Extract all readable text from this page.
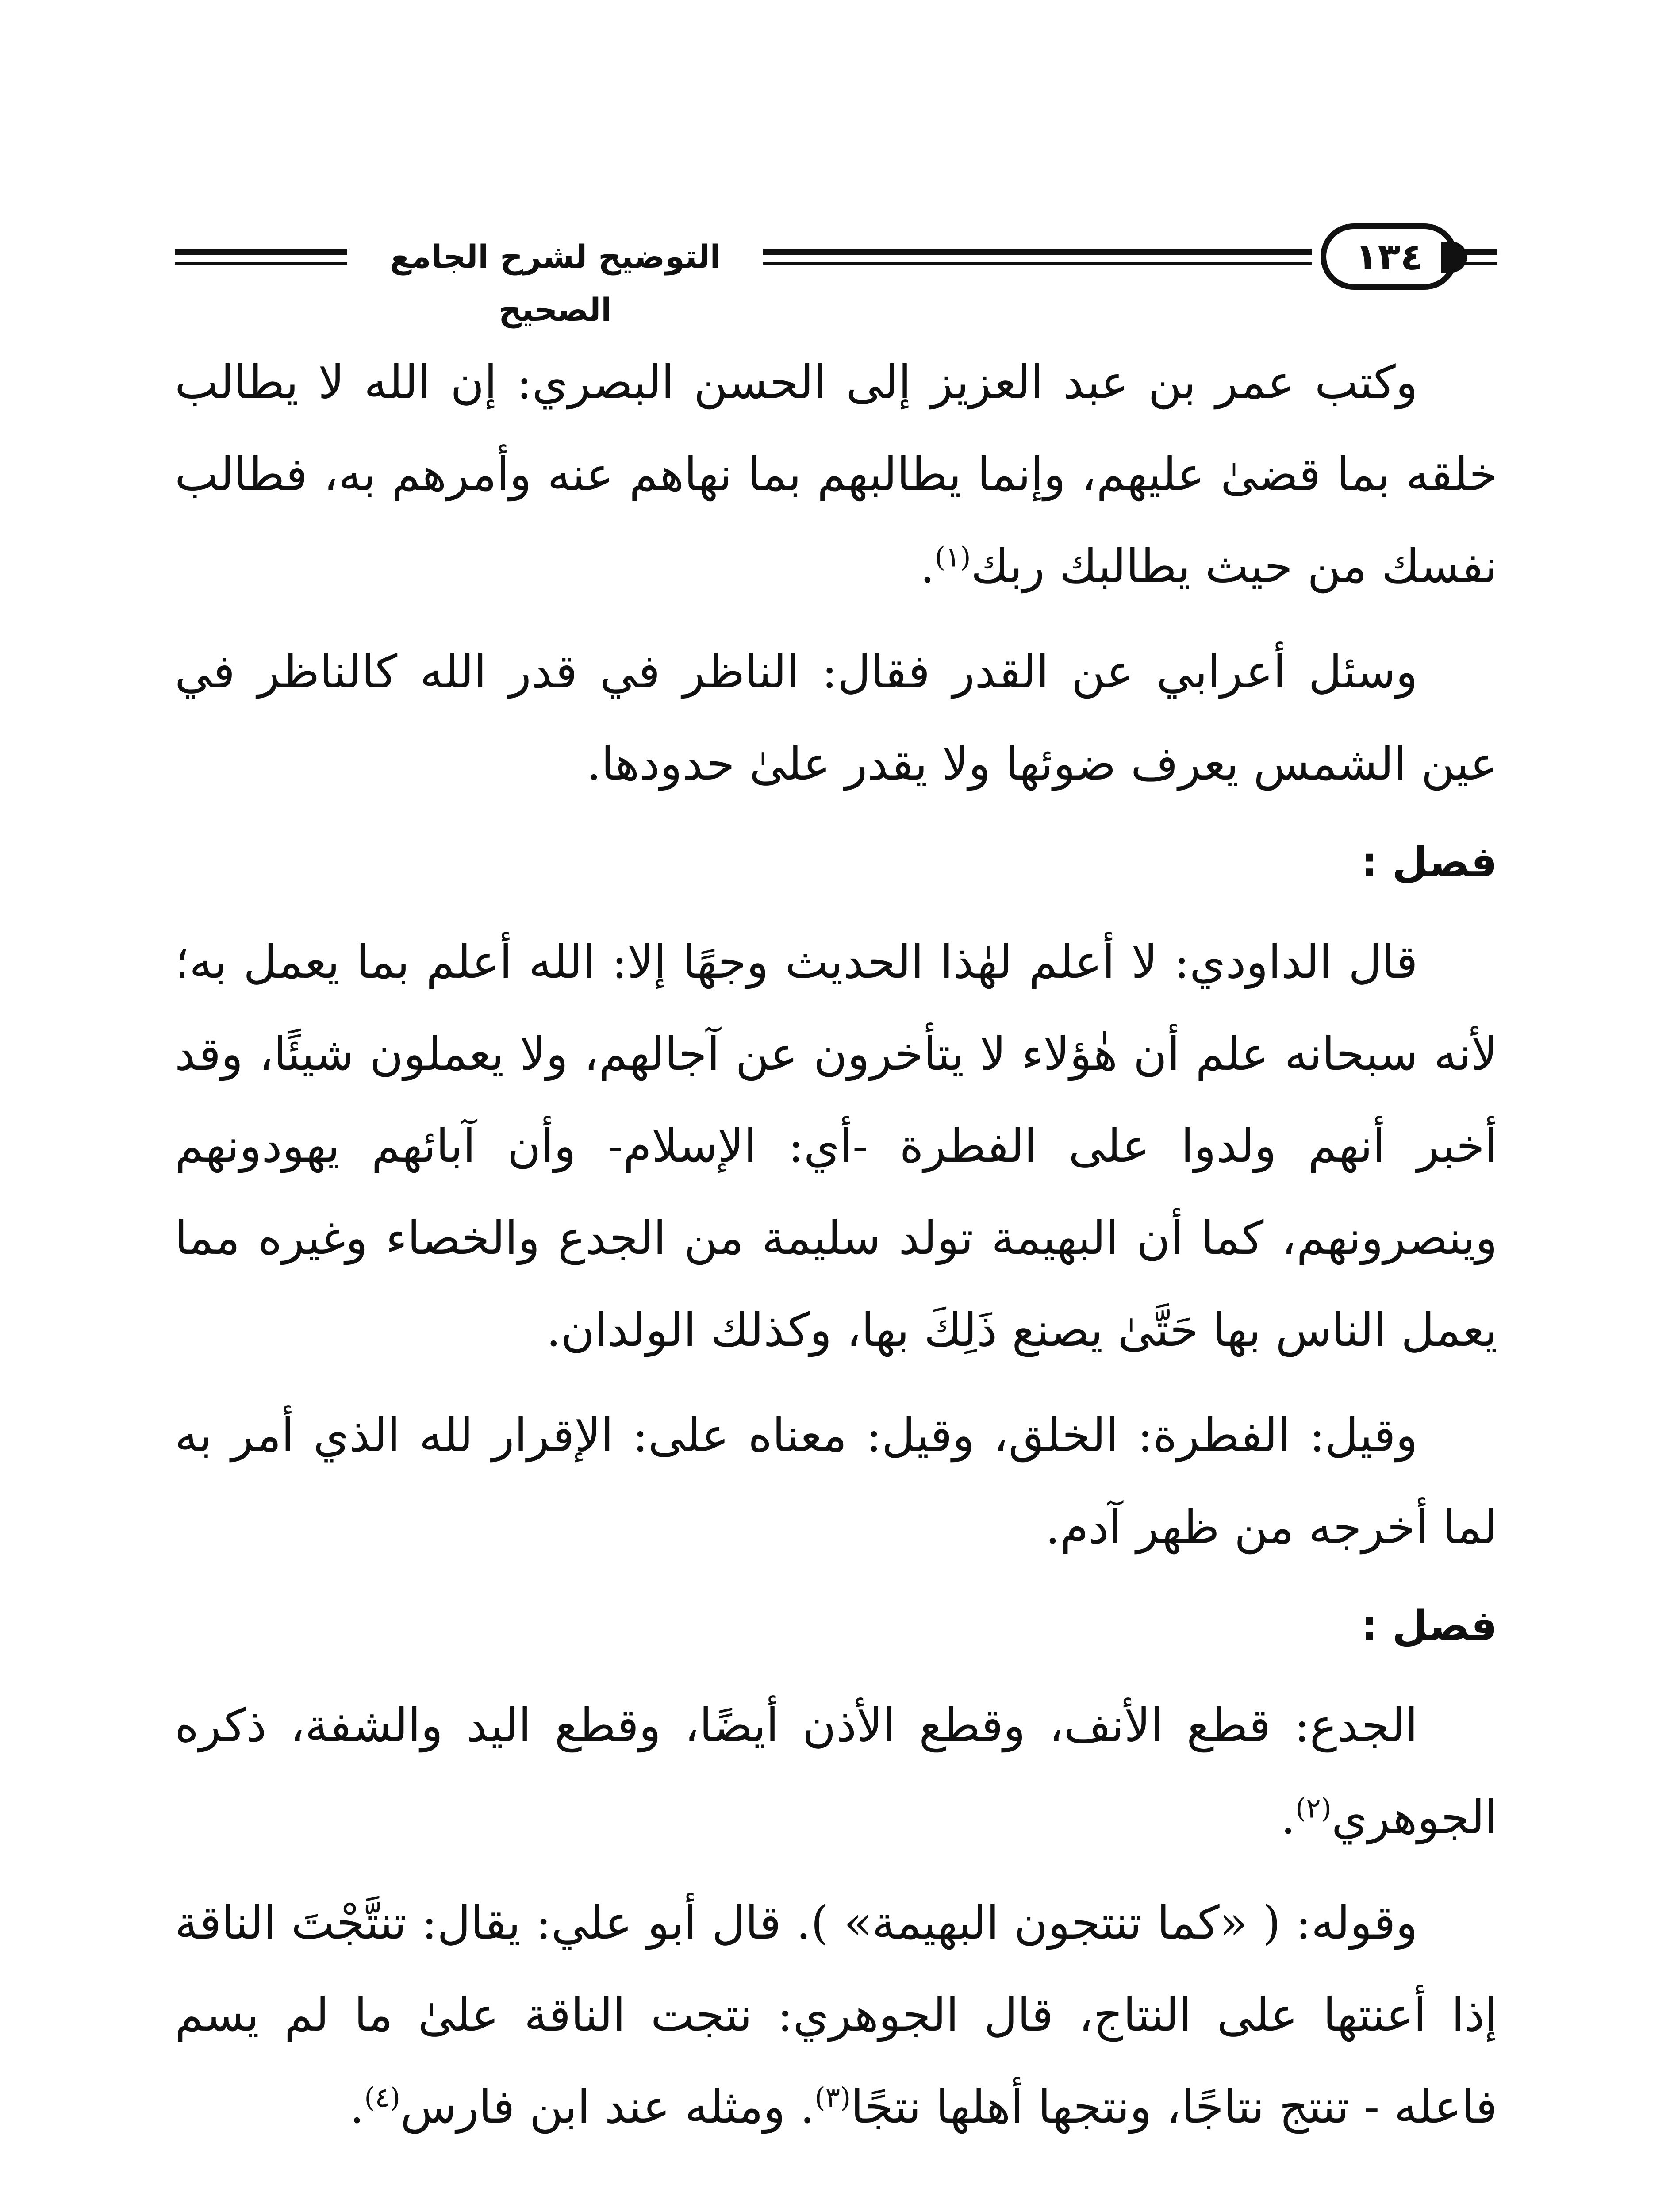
التوضيح لشرح الجامع الصحيح
١٣٤

وكتب عمر بن عبد العزيز إلى الحسن البصري: إن الله لا يطالب خلقه بما قضىٰ عليهم، وإنما يطالبهم بما نهاهم عنه وأمرهم به، فطالب نفسك من حيث يطالبك ربك$^{(١)}$.

وسئل أعرابي عن القدر فقال: الناظر في قدر الله كالناظر في عين الشمس يعرف ضوئها ولا يقدر علىٰ حدودها.

فصل :

قال الداودي: لا أعلم لهٰذا الحديث وجهًا إلا: الله أعلم بما يعمل به؛ لأنه سبحانه علم أن هٰؤلاء لا يتأخرون عن آجالهم، ولا يعملون شيئًا، وقد أخبر أنهم ولدوا على الفطرة -أي: الإسلام- وأن آبائهم يهودونهم وينصرونهم، كما أن البهيمة تولد سليمة من الجدع والخصاء وغيره مما يعمل الناس بها حَتَّىٰ يصنع ذَلِكَ بها، وكذلك الولدان.

وقيل: الفطرة: الخلق، وقيل: معناه على: الإقرار لله الذي أمر به لما أخرجه من ظهر آدم.

فصل :

الجدع: قطع الأنف، وقطع الأذن أيضًا، وقطع اليد والشفة، ذكره الجوهري$^{(٢)}$.

وقوله: ( «كما تنتجون البهيمة» ). قال أبو علي: يقال: تنتَّجْتَ الناقة إذا أعنتها على النتاج، قال الجوهري: نتجت الناقة علىٰ ما لم يسم فاعله - تنتج نتاجًا، ونتجها أهلها نتجًا$^{(٣)}$. ومثله عند ابن فارس$^{(٤)}$.
